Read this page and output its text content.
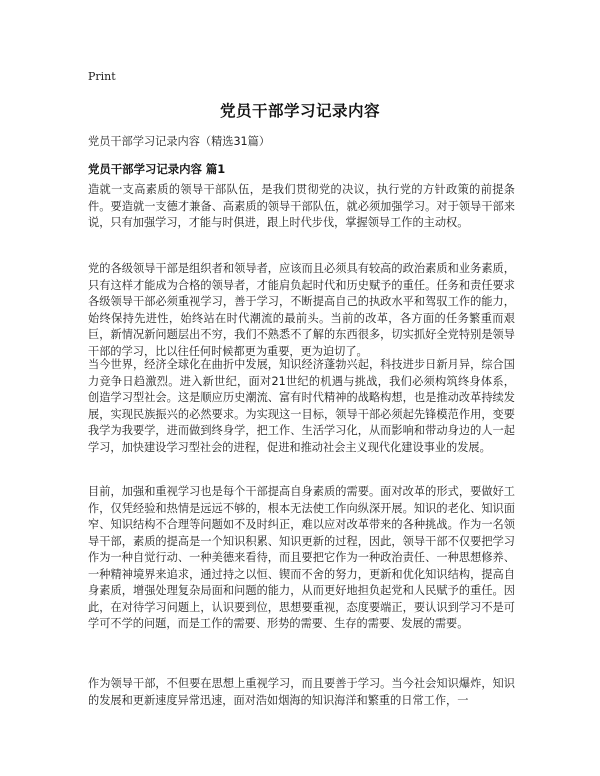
Print
党员干部学习记录内容
党员干部学习记录内容（精选31篇）
党员干部学习记录内容 篇1

造就一支高素质的领导干部队伍，是我们贯彻党的决议，执行党的方针政策的前提条件。要造就一支德才兼备、高素质的领导干部队伍，就必须加强学习。对于领导干部来说，只有加强学习，才能与时俱进，跟上时代步伐，掌握领导工作的主动权。

党的各级领导干部是组织者和领导者，应该而且必须具有较高的政治素质和业务素质，只有这样才能成为合格的领导者，才能肩负起时代和历史赋予的重任。任务和责任要求各级领导干部必须重视学习，善于学习，不断提高自己的执政水平和驾驭工作的能力，始终保持先进性，始终站在时代潮流的最前头。当前的改革，各方面的任务繁重而艰巨，新情况新问题层出不穷，我们不熟悉不了解的东西很多，切实抓好全党特别是领导干部的学习，比以往任何时候都更为重要，更为迫切了。

当今世界，经济全球化在曲折中发展，知识经济蓬勃兴起，科技进步日新月异，综合国力竞争日趋激烈。进入新世纪，面对21世纪的机遇与挑战，我们必须构筑终身体系，创造学习型社会。这是顺应历史潮流、富有时代精神的战略构想，也是推动改革持续发展，实现民族振兴的必然要求。为实现这一目标，领导干部必须起先锋模范作用，变要我学为我要学，进而做到终身学，把工作、生活学习化，从而影响和带动身边的人一起学习，加快建设学习型社会的进程，促进和推动社会主义现代化建设事业的发展。

目前，加强和重视学习也是每个干部提高自身素质的需要。面对改革的形式，要做好工作，仅凭经验和热情是远远不够的，根本无法使工作向纵深开展。知识的老化、知识面窄、知识结构不合理等问题如不及时纠正，难以应对改革带来的各种挑战。作为一名领导干部，素质的提高是一个知识积累、知识更新的过程，因此，领导干部不仅要把学习作为一种自觉行动、一种美德来看待，而且要把它作为一种政治责任、一种思想修养、一种精神境界来追求，通过持之以恒、锲而不舍的努力，更新和优化知识结构，提高自身素质，增强处理复杂局面和问题的能力，从而更好地担负起党和人民赋予的重任。因此，在对待学习问题上，认识要到位，思想要重视，态度要端正，要认识到学习不是可学可不学的问题，而是工作的需要、形势的需要、生存的需要、发展的需要。

作为领导干部，不但要在思想上重视学习，而且要善于学习。当今社会知识爆炸，知识的发展和更新速度异常迅速，面对浩如烟海的知识海洋和繁重的日常工作，一
